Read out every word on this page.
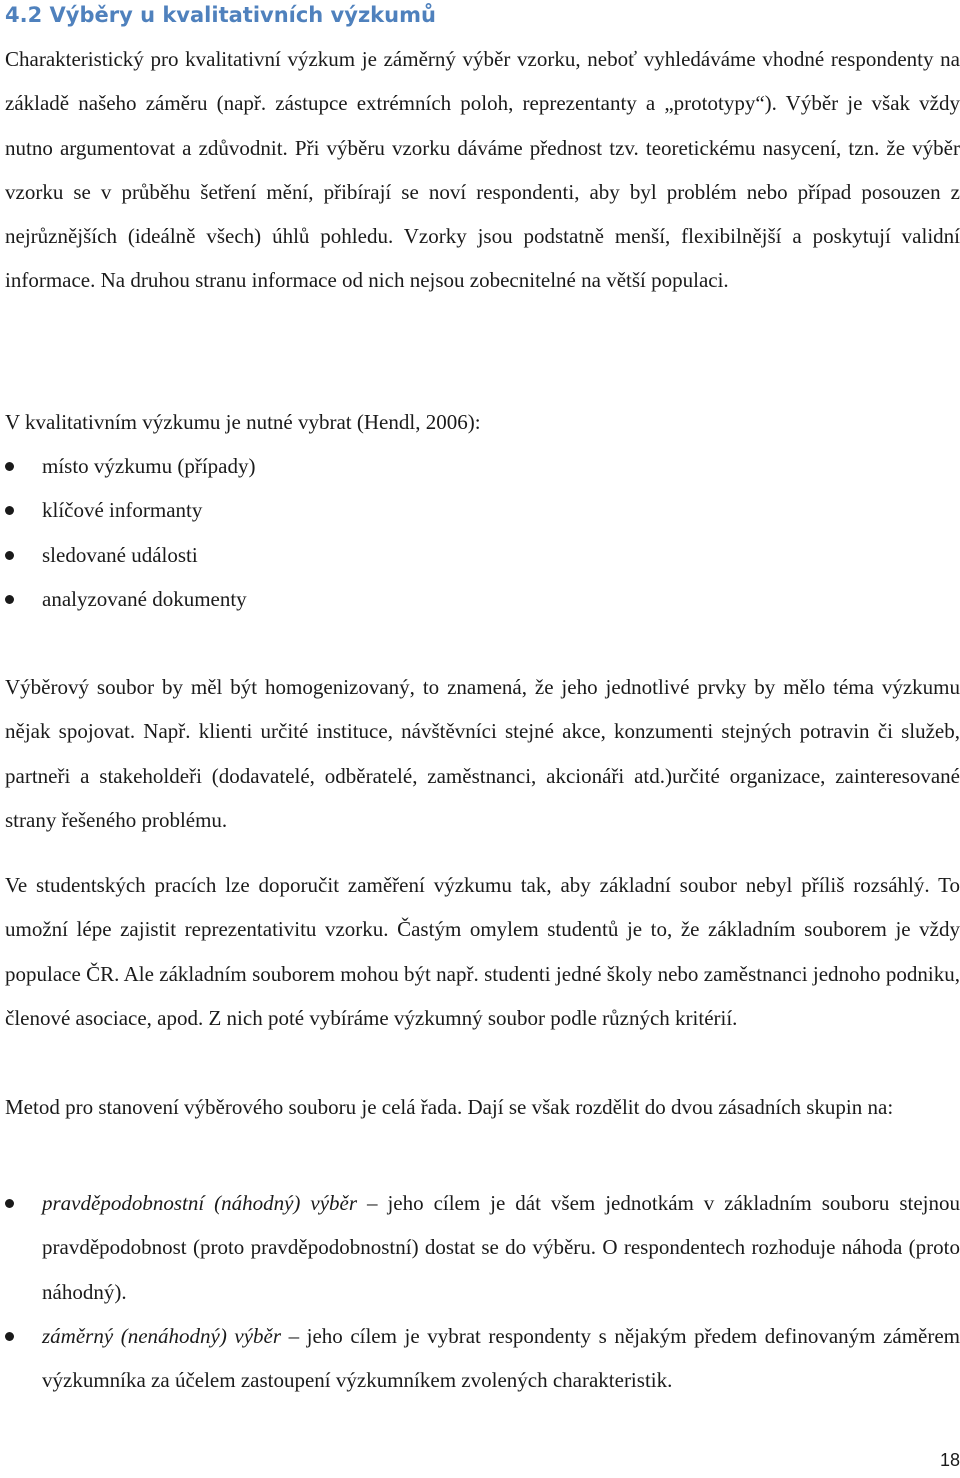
4.2 Výběry u kvalitativních výzkumů

Charakteristický pro kvalitativní výzkum je záměrný výběr vzorku, neboť vyhledáváme vhodné respondenty na základě našeho záměru (např. zástupce extrémních poloh, reprezentanty a „prototypy“). Výběr je však vždy nutno argumentovat a zdůvodnit. Při výběru vzorku dáváme přednost tzv. teoretickému nasycení, tzn. že výběr vzorku se v průběhu šetření mění, přibírají se noví respondenti, aby byl problém nebo případ posouzen z nejrůznějších (ideálně všech) úhlů pohledu. Vzorky jsou podstatně menší, flexibilnější a poskytují validní informace. Na druhou stranu informace od nich nejsou zobecnitelné na větší populaci.

V kvalitativním výzkumu je nutné vybrat (Hendl, 2006):

místo výzkumu (případy)
klíčové informanty
sledované události
analyzované dokumenty

Výběrový soubor by měl být homogenizovaný, to znamená, že jeho jednotlivé prvky by mělo téma výzkumu nějak spojovat. Např. klienti určité instituce, návštěvníci stejné akce, konzumenti stejných potravin či služeb, partneři a stakeholdeři (dodavatelé, odběratelé, zaměstnanci, akcionáři atd.)určité organizace, zainteresované strany řešeného problému.

Ve studentských pracích lze doporučit zaměření výzkumu tak, aby základní soubor nebyl příliš rozsáhlý. To umožní lépe zajistit reprezentativitu vzorku. Častým omylem studentů je to, že základním souborem je vždy populace ČR. Ale základním souborem mohou být např. studenti jedné školy nebo zaměstnanci jednoho podniku, členové asociace, apod. Z nich poté vybíráme výzkumný soubor podle různých kritérií.

Metod pro stanovení výběrového souboru je celá řada. Dají se však rozdělit do dvou zásadních skupin na:

pravděpodobnostní (náhodný) výběr – jeho cílem je dát všem jednotkám v základním souboru stejnou pravděpodobnost (proto pravděpodobnostní) dostat se do výběru. O respondentech rozhoduje náhoda (proto náhodný).
záměrný (nenáhodný) výběr – jeho cílem je vybrat respondenty s nějakým předem definovaným záměrem výzkumníka za účelem zastoupení výzkumníkem zvolených charakteristik.
18
